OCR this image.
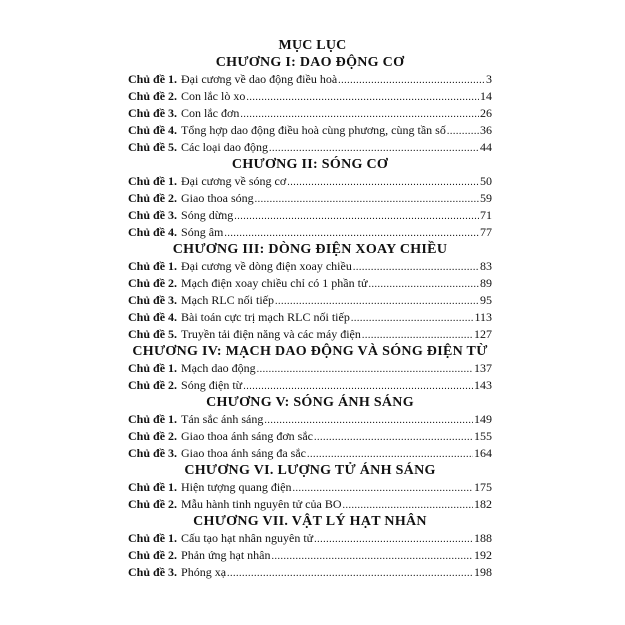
MỤC LỤC
CHƯƠNG I: DAO ĐỘNG CƠ
Chủ đề 1. Đại cương về dao động điều hoà .....	3
Chủ đề 2. Con lắc lò xo .....	14
Chủ đề 3. Con lắc đơn .....	26
Chủ đề 4. Tổng hợp dao động điều hoà cùng phương, cùng tần số .....	36
Chủ đề 5. Các loại dao động .....	44
CHƯƠNG II: SÓNG CƠ
Chủ đề 1. Đại cương về sóng cơ .....	50
Chủ đề 2. Giao thoa sóng .....	59
Chủ đề 3. Sóng dừng .....	71
Chủ đề 4. Sóng âm .....	77
CHƯƠNG III: DÒNG ĐIỆN XOAY CHIỀU
Chủ đề 1. Đại cương về dòng điện xoay chiều .....	83
Chủ đề 2. Mạch điện xoay chiều chỉ có 1 phần tử .....	89
Chủ đề 3. Mạch RLC nối tiếp .....	95
Chủ đề 4. Bài toán cực trị mạch RLC nối tiếp .....	113
Chủ đề 5. Truyền tải điện năng và các máy điện .....	127
CHƯƠNG IV: MẠCH DAO ĐỘNG VÀ SÓNG ĐIỆN TỪ
Chủ đề 1. Mạch dao động .....	137
Chủ đề 2. Sóng điện từ .....	143
CHƯƠNG V: SÓNG ÁNH SÁNG
Chủ đề 1. Tán sắc ánh sáng .....	149
Chủ đề 2. Giao thoa ánh sáng đơn sắc .....	155
Chủ đề 3. Giao thoa ánh sáng đa sắc .....	164
CHƯƠNG VI. LƯỢNG TỬ ÁNH SÁNG
Chủ đề 1. Hiện tượng quang điện .....	175
Chủ đề 2. Mẫu hành tinh nguyên tử của BO .....	182
CHƯƠNG VII. VẬT LÝ HẠT NHÂN
Chủ đề 1. Cấu tạo hạt nhân nguyên tử .....	188
Chủ đề 2. Phản ứng hạt nhân .....	192
Chủ đề 3. Phóng xạ .....	198
